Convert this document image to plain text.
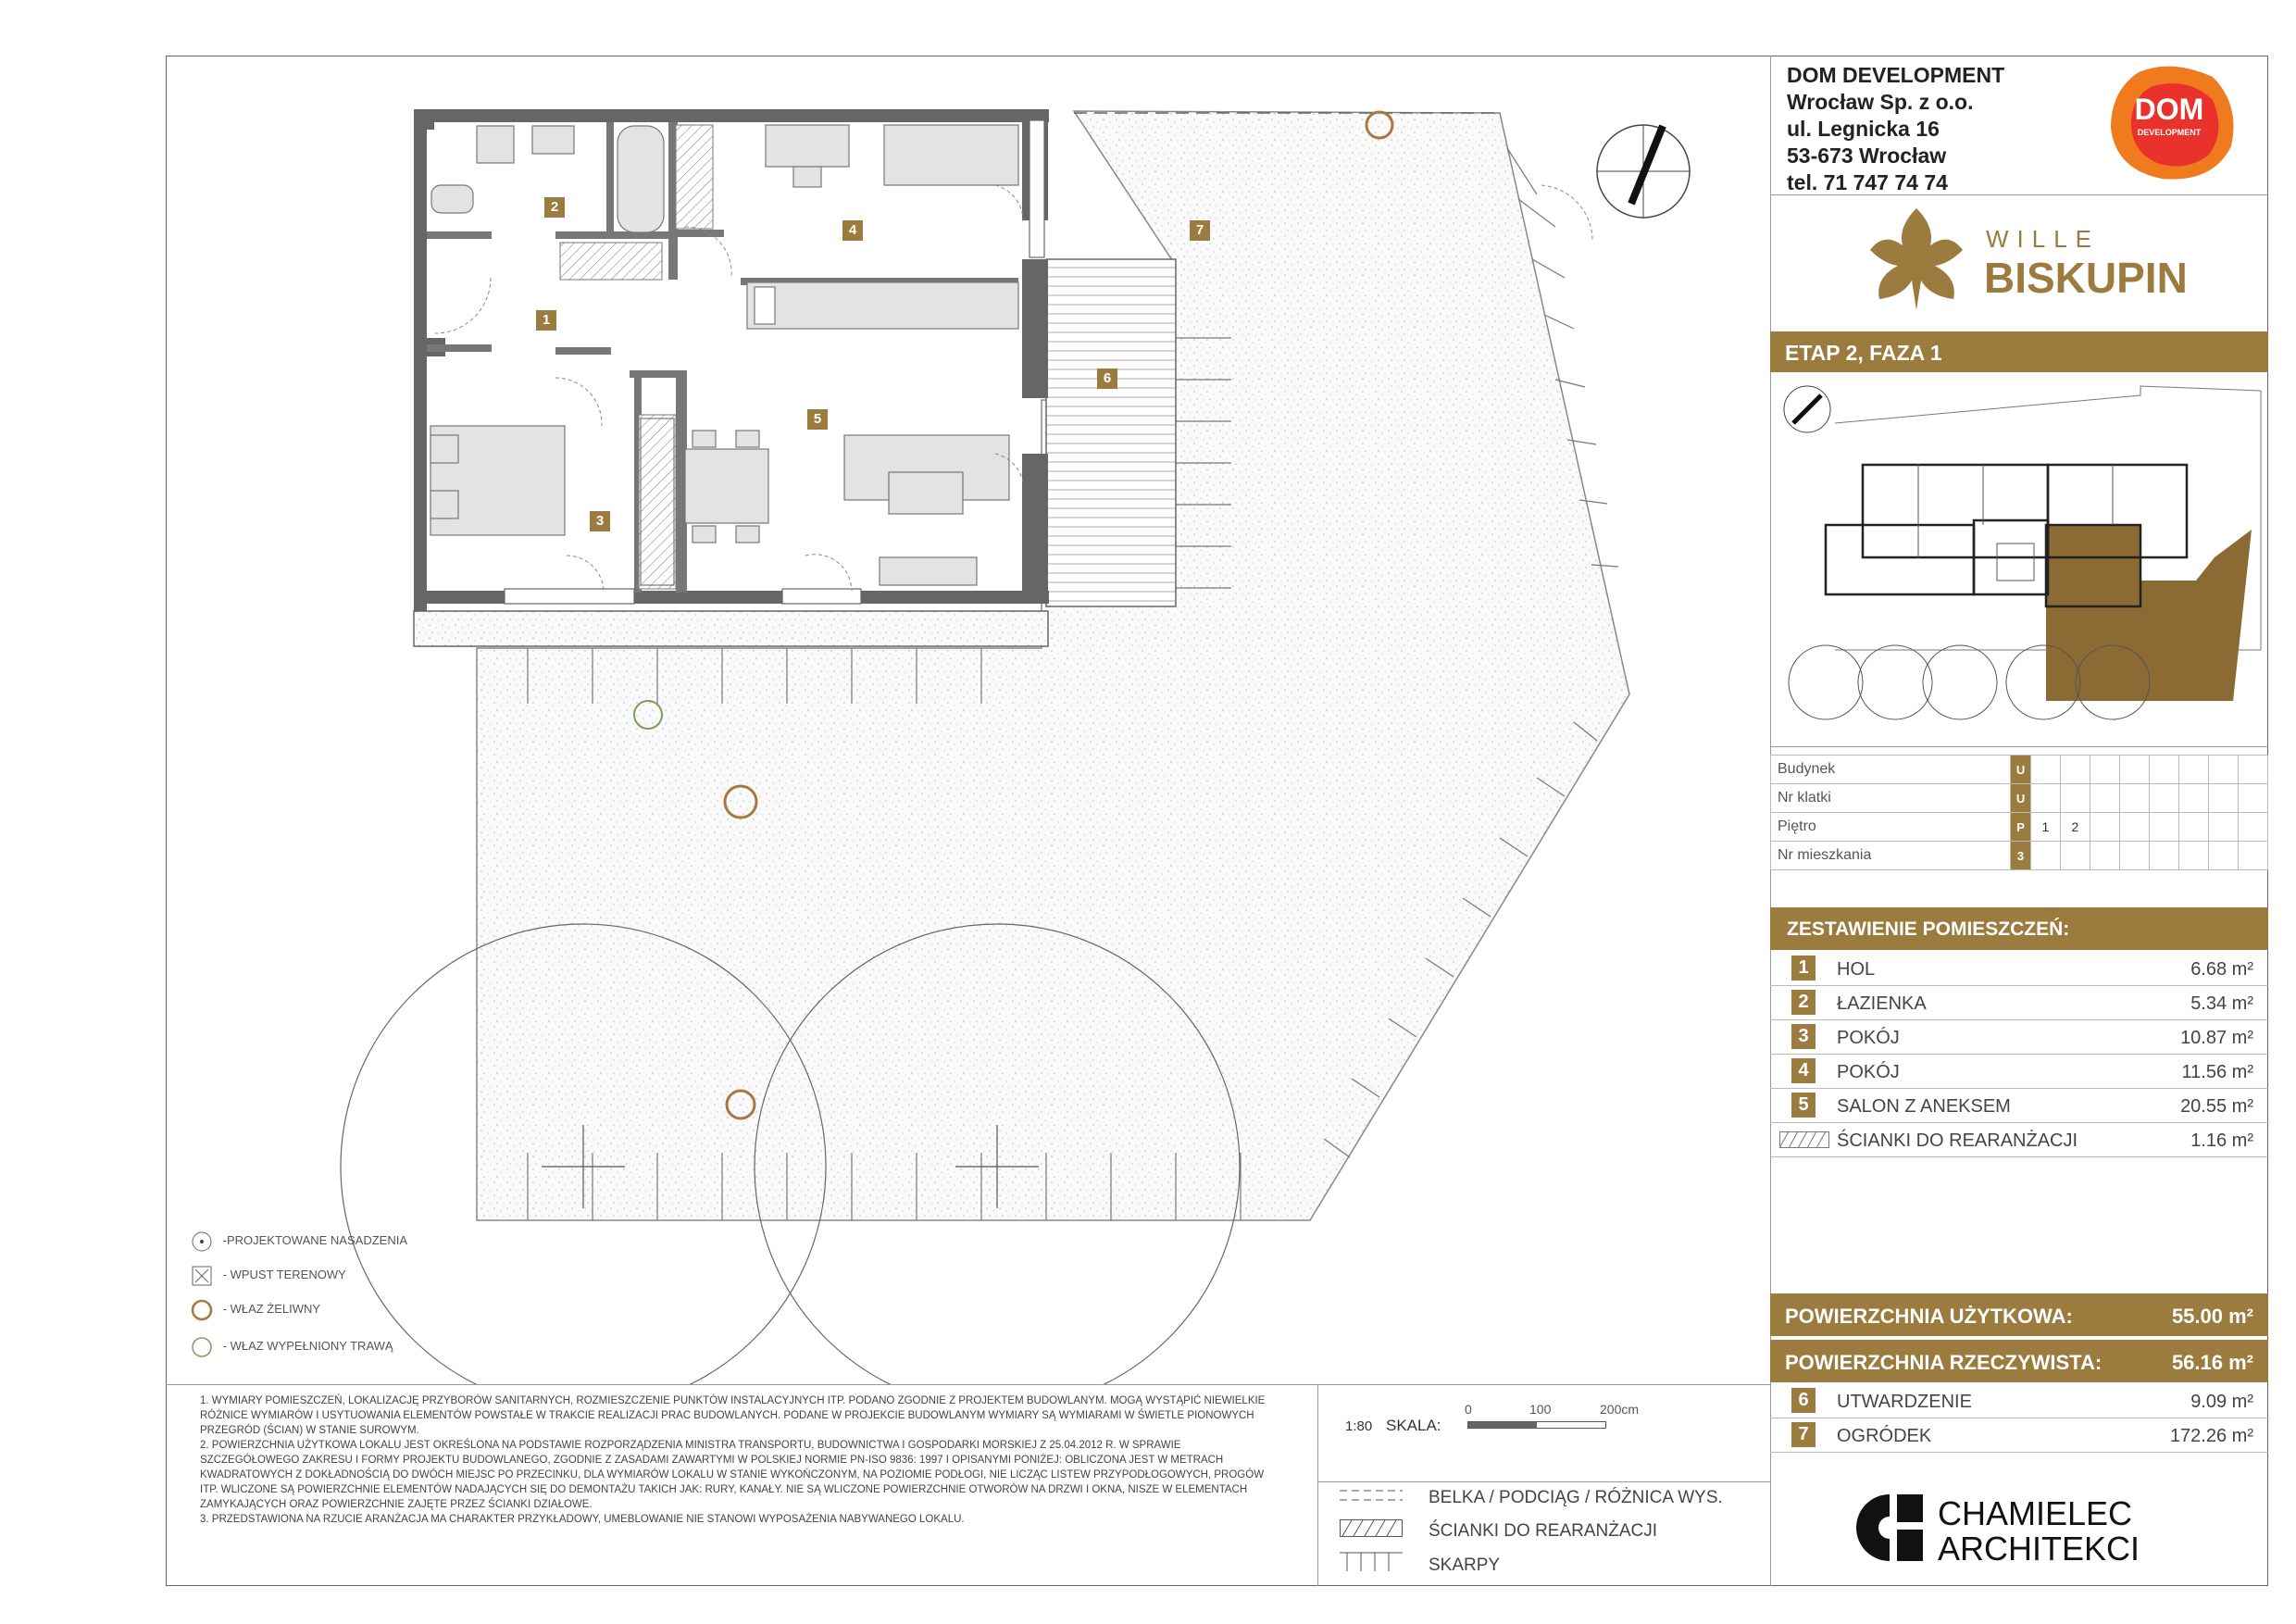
1
2
3
4
5
6
7
-PROJEKTOWANE NASADZENIA
- WPUST TERENOWY
- WŁAZ ŻELIWNY
- WŁAZ WYPEŁNIONY TRAWĄ
DOM DEVELOPMENT
Wrocław Sp. z o.o.
ul. Legnicka 16
53-673 Wrocław
tel. 71 747 74 74
DOM
DEVELOPMENT
WILLE
BISKUPIN
ETAP 2, FAZA 1
Budynek	U								
Nr klatki	U								
Piętro	P	1	2						
Nr mieszkania	3								
ZESTAWIENIE POMIESZCZEŃ:
1	HOL	6.68 m²
2	ŁAZIENKA	5.34 m²
3	POKÓJ	10.87 m²
4	POKÓJ	11.56 m²
5	SALON Z ANEKSEM	20.55 m²
ŚCIANKI DO REARANŻACJI	1.16 m²
POWIERZCHNIA UŻYTKOWA:	55.00 m²
POWIERZCHNIA RZECZYWISTA:	56.16 m²
6	UTWARDZENIE	9.09 m²
7	OGRÓDEK	172.26 m²
CHAMIELEC
ARCHITEKCI
1. WYMIARY POMIESZCZEŃ, LOKALIZACJĘ PRZYBORÓW SANITARNYCH, ROZMIESZCZENIE PUNKTÓW INSTALACYJNYCH ITP. PODANO ZGODNIE Z PROJEKTEM BUDOWLANYM. MOGĄ WYSTĄPIĆ NIEWIELKIE RÓŻNICE WYMIARÓW I USYTUOWANIA ELEMENTÓW POWSTAŁE W TRAKCIE REALIZACJI PRAC BUDOWLANYCH. PODANE W PROJEKCIE BUDOWLANYM WYMIARY SĄ WYMIARAMI W ŚWIETLE PIONOWYCH PRZEGRÓD (ŚCIAN) W STANIE SUROWYM.
2. POWIERZCHNIA UŻYTKOWA LOKALU JEST OKREŚLONA NA PODSTAWIE ROZPORZĄDZENIA MINISTRA TRANSPORTU, BUDOWNICTWA I GOSPODARKI MORSKIEJ Z 25.04.2012 R. W SPRAWIE SZCZEGÓŁOWEGO ZAKRESU I FORMY PROJEKTU BUDOWLANEGO, ZGODNIE Z ZASADAMI ZAWARTYMI W POLSKIEJ NORMIE PN-ISO 9836: 1997 I OPISANYMI PONIŻEJ: OBLICZONA JEST W METRACH KWADRATOWYCH Z DOKŁADNOŚCIĄ DO DWÓCH MIEJSC PO PRZECINKU, DLA WYMIARÓW LOKALU W STANIE WYKOŃCZONYM, NA POZIOMIE PODŁOGI, NIE LICZĄC LISTEW PRZYPODŁOGOWYCH, PROGÓW ITP. WLICZONE SĄ POWIERZCHNIE ELEMENTÓW NADAJĄCYCH SIĘ DO DEMONTAŻU TAKICH JAK: RURY, KANAŁY. NIE SĄ WLICZONE POWIERZCHNIE OTWORÓW NA DRZWI I OKNA, NISZE W ELEMENTACH ZAMYKAJĄCYCH ORAZ POWIERZCHNIE ZAJĘTE PRZEZ ŚCIANKI DZIAŁOWE.
3. PRZEDSTAWIONA NA RZUCIE ARANŻACJA MA CHARAKTER PRZYKŁADOWY, UMEBLOWANIE NIE STANOWI WYPOSAŻENIA NABYWANEGO LOKALU.
1:80 SKALA:
0	100	200cm
BELKA / PODCIĄG / RÓŻNICA WYS.
ŚCIANKI DO REARANŻACJI
SKARPY
